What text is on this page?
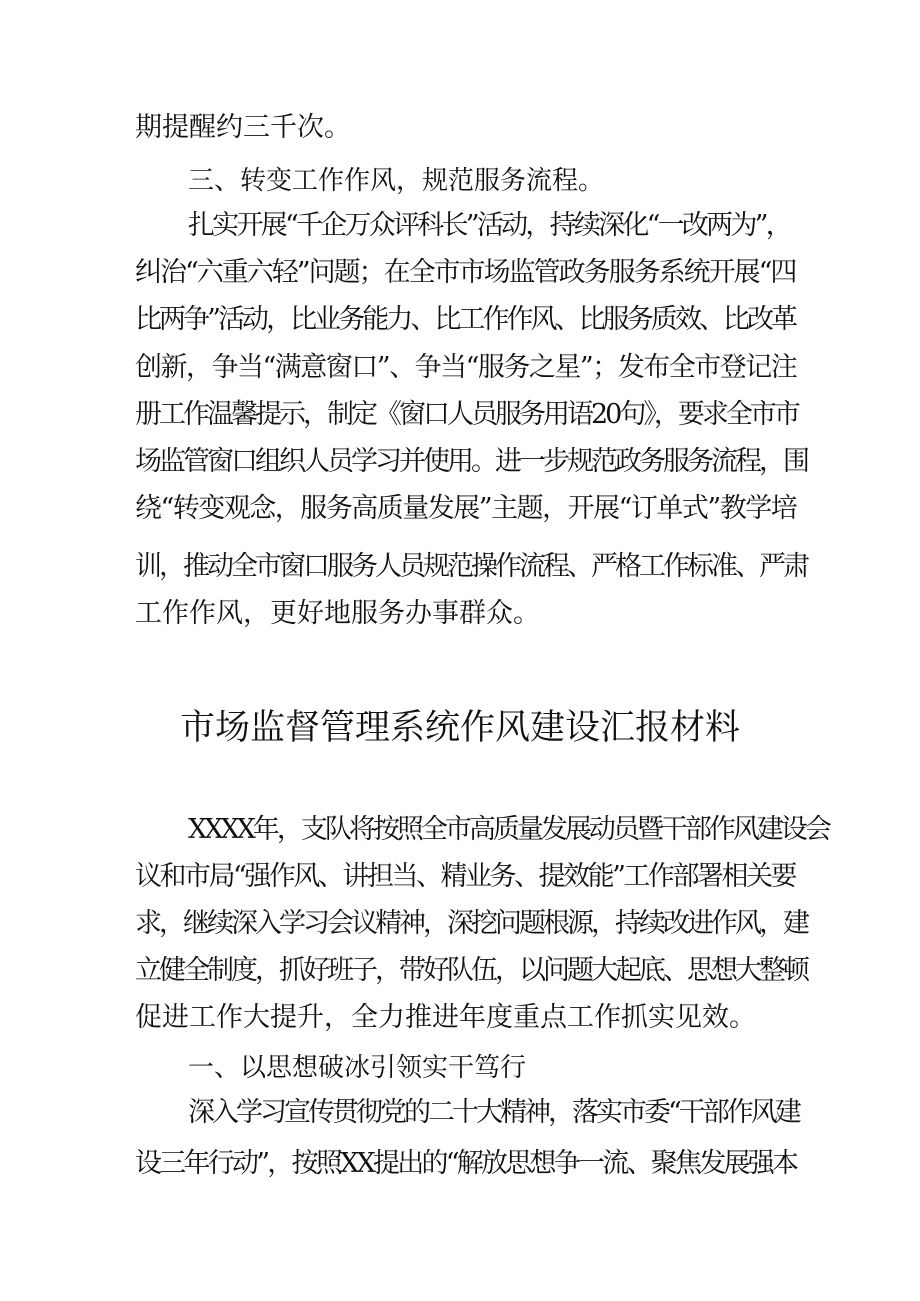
期提醒约三千次。
三、转变工作作风，规范服务流程。
扎实开展“千企万众评科长”活动，持续深化“一改两为”，
纠治“六重六轻”问题；在全市市场监管政务服务系统开展“四
比两争”活动，比业务能力、比工作作风、比服务质效、比改革
创新，争当“满意窗口”、争当“服务之星”；发布全市登记注
册工作温馨提示，制定《窗口人员服务用语20句》，要求全市市
场监管窗口组织人员学习并使用。进一步规范政务服务流程，围
绕“转变观念，服务高质量发展”主题，开展“订单式”教学培
训，推动全市窗口服务人员规范操作流程、严格工作标准、严肃
工作作风，更好地服务办事群众。
市场监督管理系统作风建设汇报材料
XXXX年，支队将按照全市高质量发展动员暨干部作风建设会
议和市局“强作风、讲担当、精业务、提效能”工作部署相关要
求，继续深入学习会议精神，深挖问题根源，持续改进作风，建
立健全制度，抓好班子，带好队伍，以问题大起底、思想大整顿
促进工作大提升，全力推进年度重点工作抓实见效。
一、以思想破冰引领实干笃行
深入学习宣传贯彻党的二十大精神，落实市委“干部作风建
设三年行动”，按照XX提出的“解放思想争一流、聚焦发展强本
